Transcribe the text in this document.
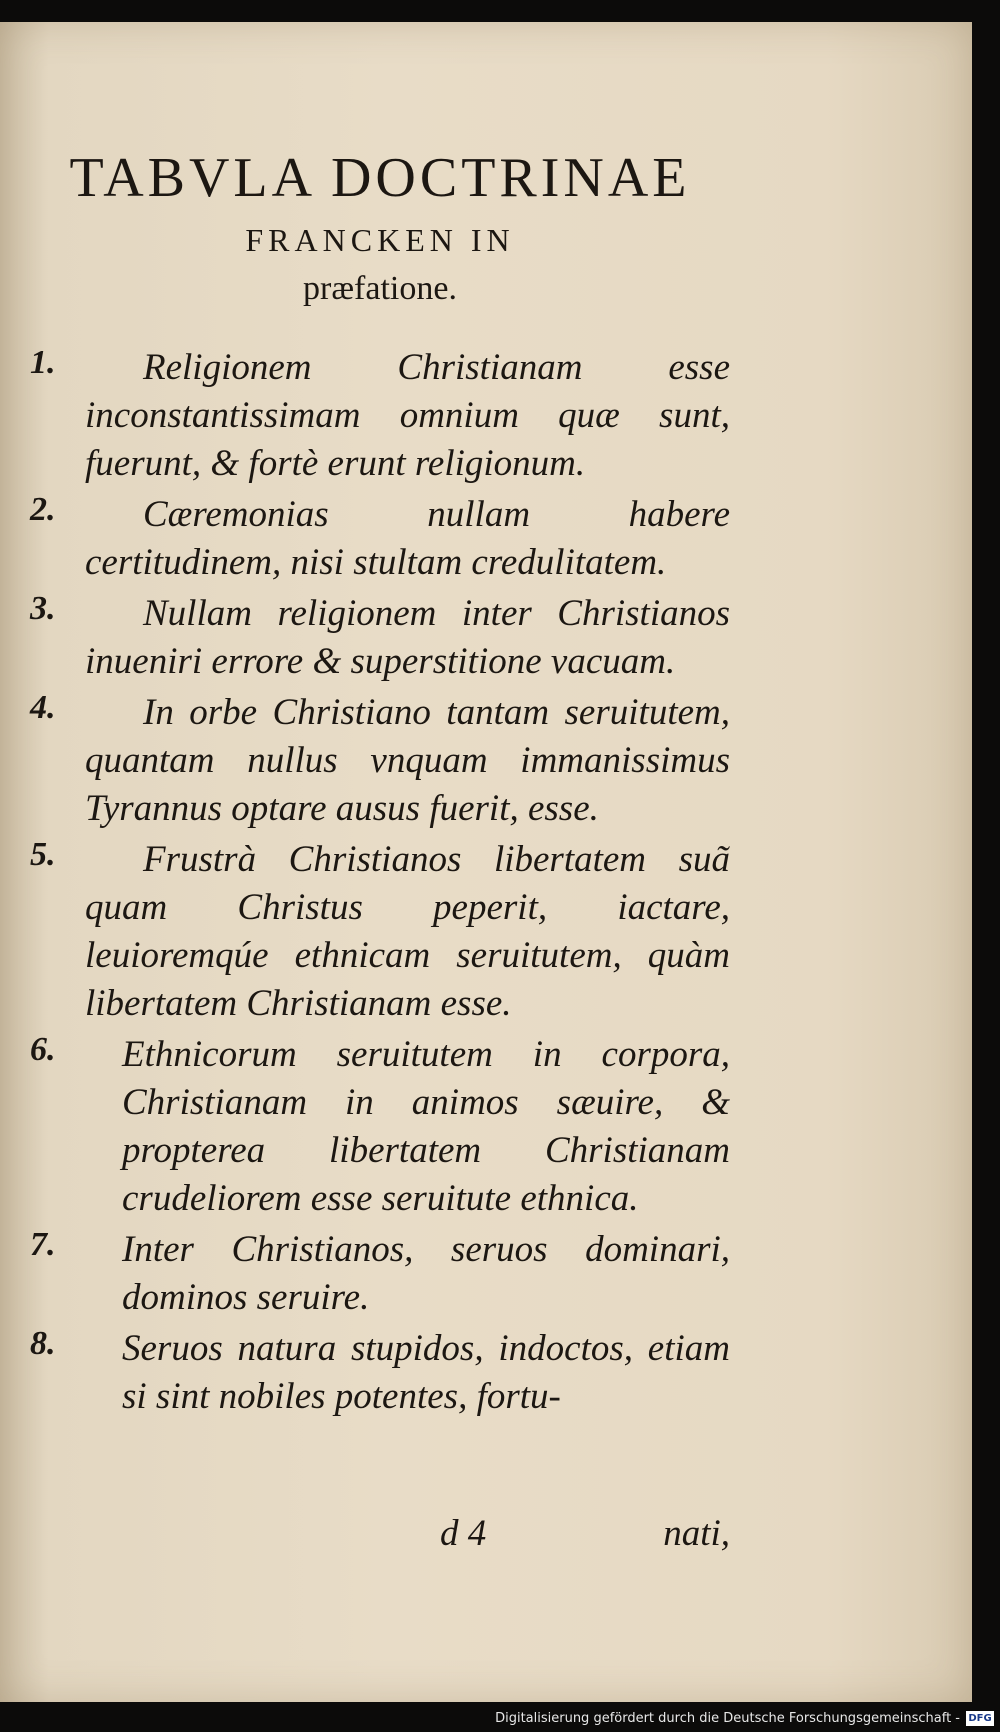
TABVLA DOCTRINAE
FRANCKEN IN
præfatione.
1.	Religionem Christianam esse inconstantissimam omnium quæ sunt, fuerunt, & fortè erunt religionum.
2.	Cæremonias nullam habere certitudinem, nisi stultam credulitatem.
3.	Nullam religionem inter Christianos inueniri errore & superstitione vacuam.
4.	In orbe Christiano tantam seruitutem, quantam nullus vnquam immanissimus Tyrannus optare ausus fuerit, esse.
5.	Frustrà Christianos libertatem suã quam Christus peperit, iactare, leuioremqúe ethnicam seruitutem, quàm libertatem Christianam esse.
6.	Ethnicorum seruitutem in corpora, Christianam in animos sæuire, & propterea libertatem Christianam crudeliorem esse seruitute ethnica.
7.	Inter Christianos, seruos dominari, dominos seruire.
8.	Seruos natura stupidos, indoctos, etiam si sint nobiles potentes, fortu-
d 4	nati,
Digitalisierung gefördert durch die Deutsche Forschungsgemeinschaft - DFG
